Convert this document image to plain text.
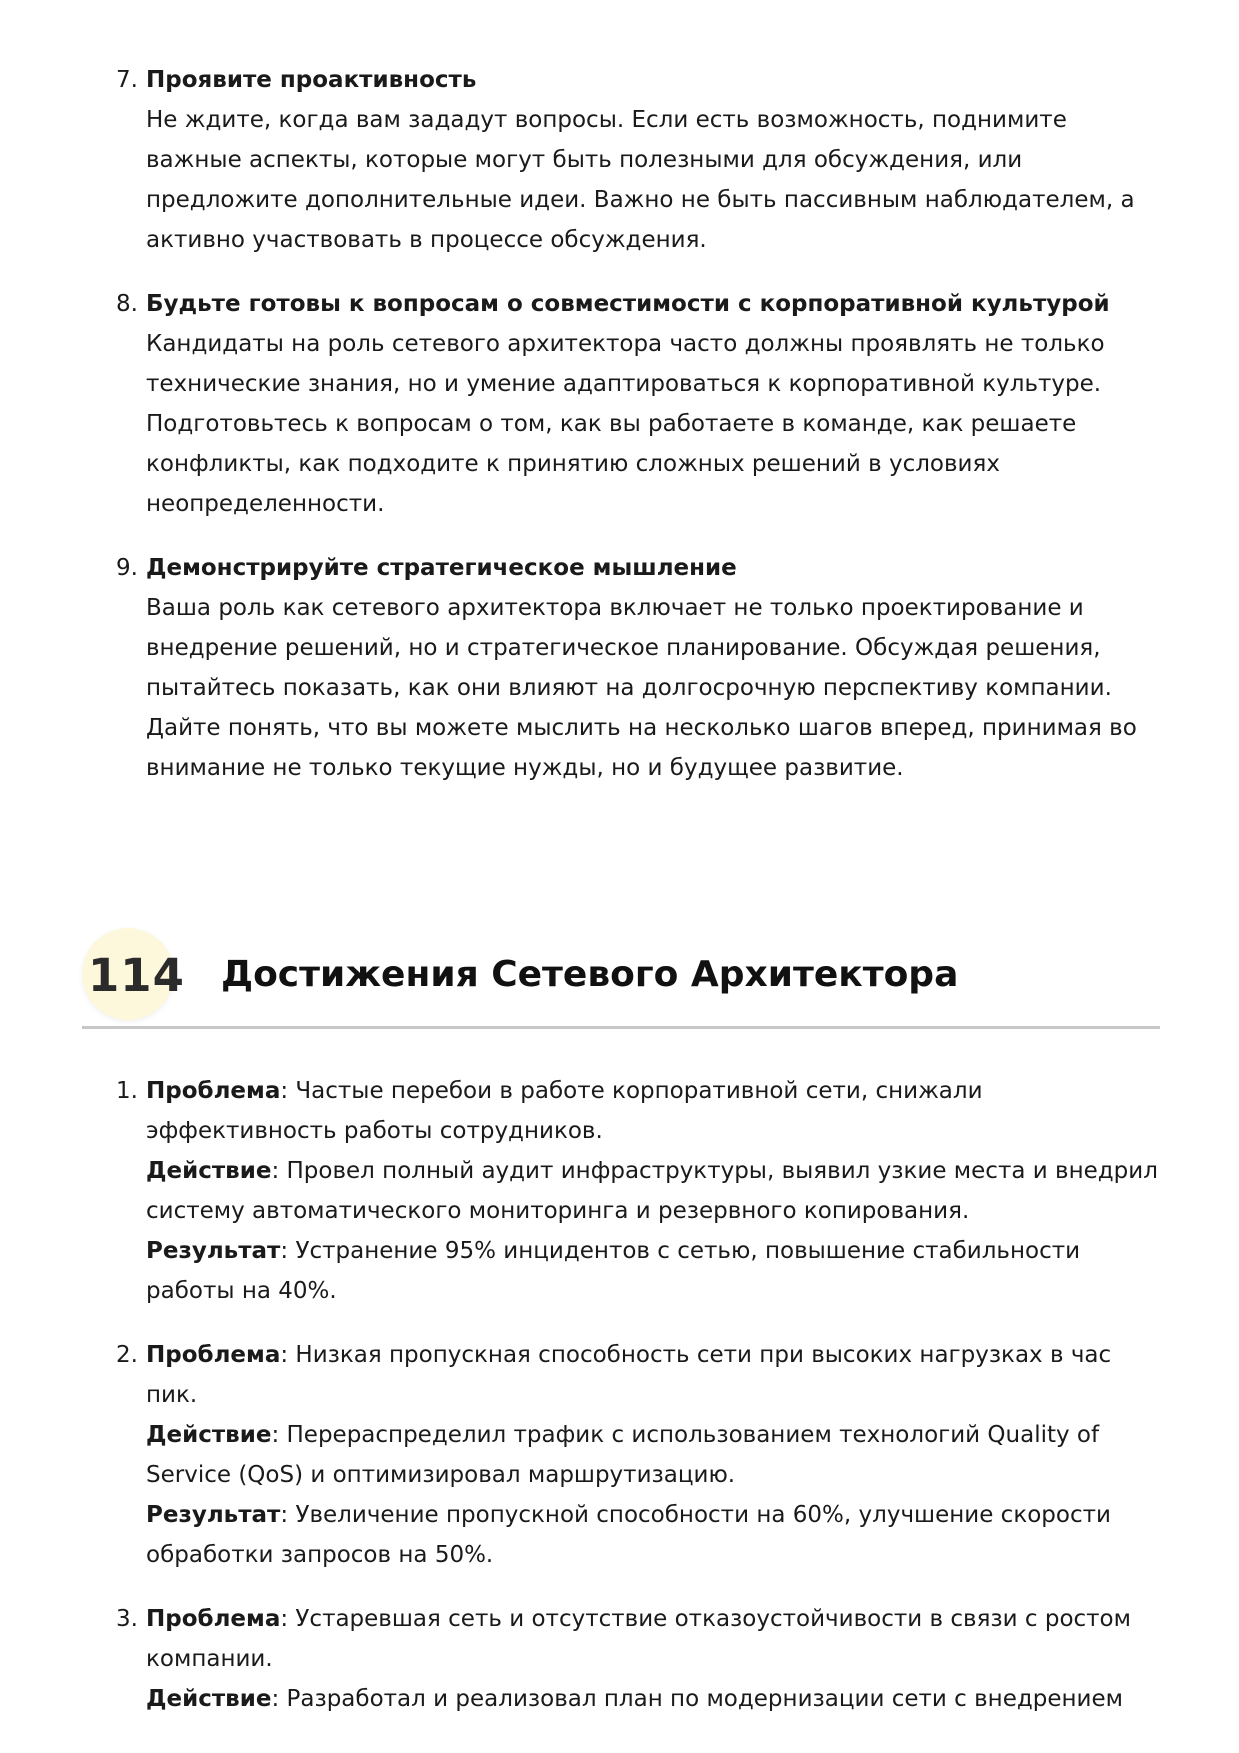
7. Проявите проактивность
Не ждите, когда вам зададут вопросы. Если есть возможность, поднимите важные аспекты, которые могут быть полезными для обсуждения, или предложите дополнительные идеи. Важно не быть пассивным наблюдателем, а активно участвовать в процессе обсуждения.
8. Будьте готовы к вопросам о совместимости с корпоративной культурой
Кандидаты на роль сетевого архитектора часто должны проявлять не только технические знания, но и умение адаптироваться к корпоративной культуре. Подготовьтесь к вопросам о том, как вы работаете в команде, как решаете конфликты, как подходите к принятию сложных решений в условиях неопределенности.
9. Демонстрируйте стратегическое мышление
Ваша роль как сетевого архитектора включает не только проектирование и внедрение решений, но и стратегическое планирование. Обсуждая решения, пытайтесь показать, как они влияют на долгосрочную перспективу компании. Дайте понять, что вы можете мыслить на несколько шагов вперед, принимая во внимание не только текущие нужды, но и будущее развитие.
114 Достижения Сетевого Архитектора
1. Проблема: Частые перебои в работе корпоративной сети, снижали эффективность работы сотрудников.
Действие: Провел полный аудит инфраструктуры, выявил узкие места и внедрил систему автоматического мониторинга и резервного копирования.
Результат: Устранение 95% инцидентов с сетью, повышение стабильности работы на 40%.
2. Проблема: Низкая пропускная способность сети при высоких нагрузках в час пик.
Действие: Перераспределил трафик с использованием технологий Quality of Service (QoS) и оптимизировал маршрутизацию.
Результат: Увеличение пропускной способности на 60%, улучшение скорости обработки запросов на 50%.
3. Проблема: Устаревшая сеть и отсутствие отказоустойчивости в связи с ростом компании.
Действие: Разработал и реализовал план по модернизации сети с внедрением
